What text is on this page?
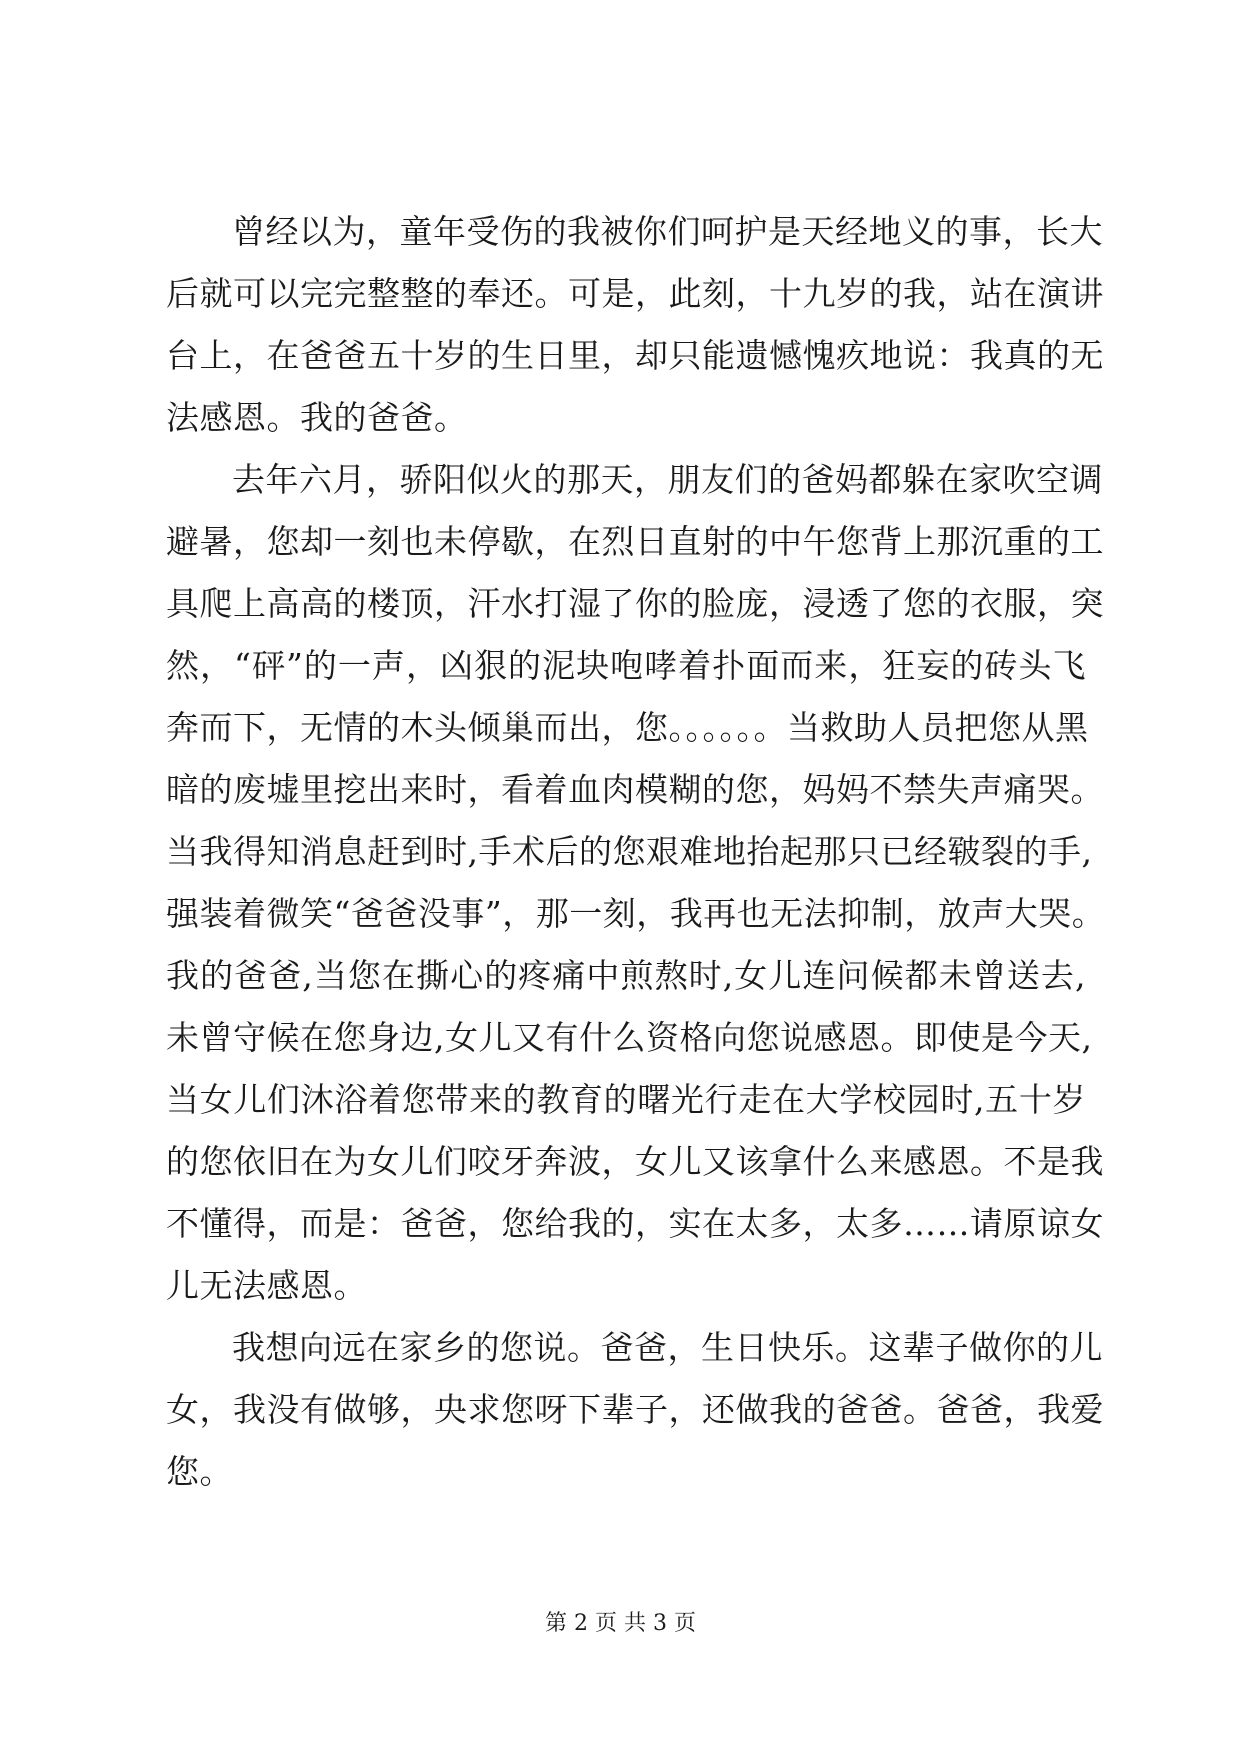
曾经以为，童年受伤的我被你们呵护是天经地义的事，长大
后就可以完完整整的奉还。可是，此刻，十九岁的我，站在演讲
台上，在爸爸五十岁的生日里，却只能遗憾愧疚地说：我真的无
法感恩。我的爸爸。
去年六月，骄阳似火的那天，朋友们的爸妈都躲在家吹空调
避暑，您却一刻也未停歇，在烈日直射的中午您背上那沉重的工
具爬上高高的楼顶，汗水打湿了你的脸庞，浸透了您的衣服，突
然，“砰”的一声，凶狠的泥块咆哮着扑面而来，狂妄的砖头飞
奔而下，无情的木头倾巢而出，您。。。。。。当救助人员把您从黑
暗的废墟里挖出来时，看着血肉模糊的您，妈妈不禁失声痛哭。
当我得知消息赶到时,手术后的您艰难地抬起那只已经皲裂的手,
强装着微笑“爸爸没事”，那一刻，我再也无法抑制，放声大哭。
我的爸爸,当您在撕心的疼痛中煎熬时,女儿连问候都未曾送去,
未曾守候在您身边,女儿又有什么资格向您说感恩。即使是今天,
当女儿们沐浴着您带来的教育的曙光行走在大学校园时,五十岁
的您依旧在为女儿们咬牙奔波，女儿又该拿什么来感恩。不是我
不懂得，而是：爸爸，您给我的，实在太多，太多……请原谅女
儿无法感恩。
我想向远在家乡的您说。爸爸，生日快乐。这辈子做你的儿
女，我没有做够，央求您呀下辈子，还做我的爸爸。爸爸，我爱
您。
第 2 页 共 3 页
